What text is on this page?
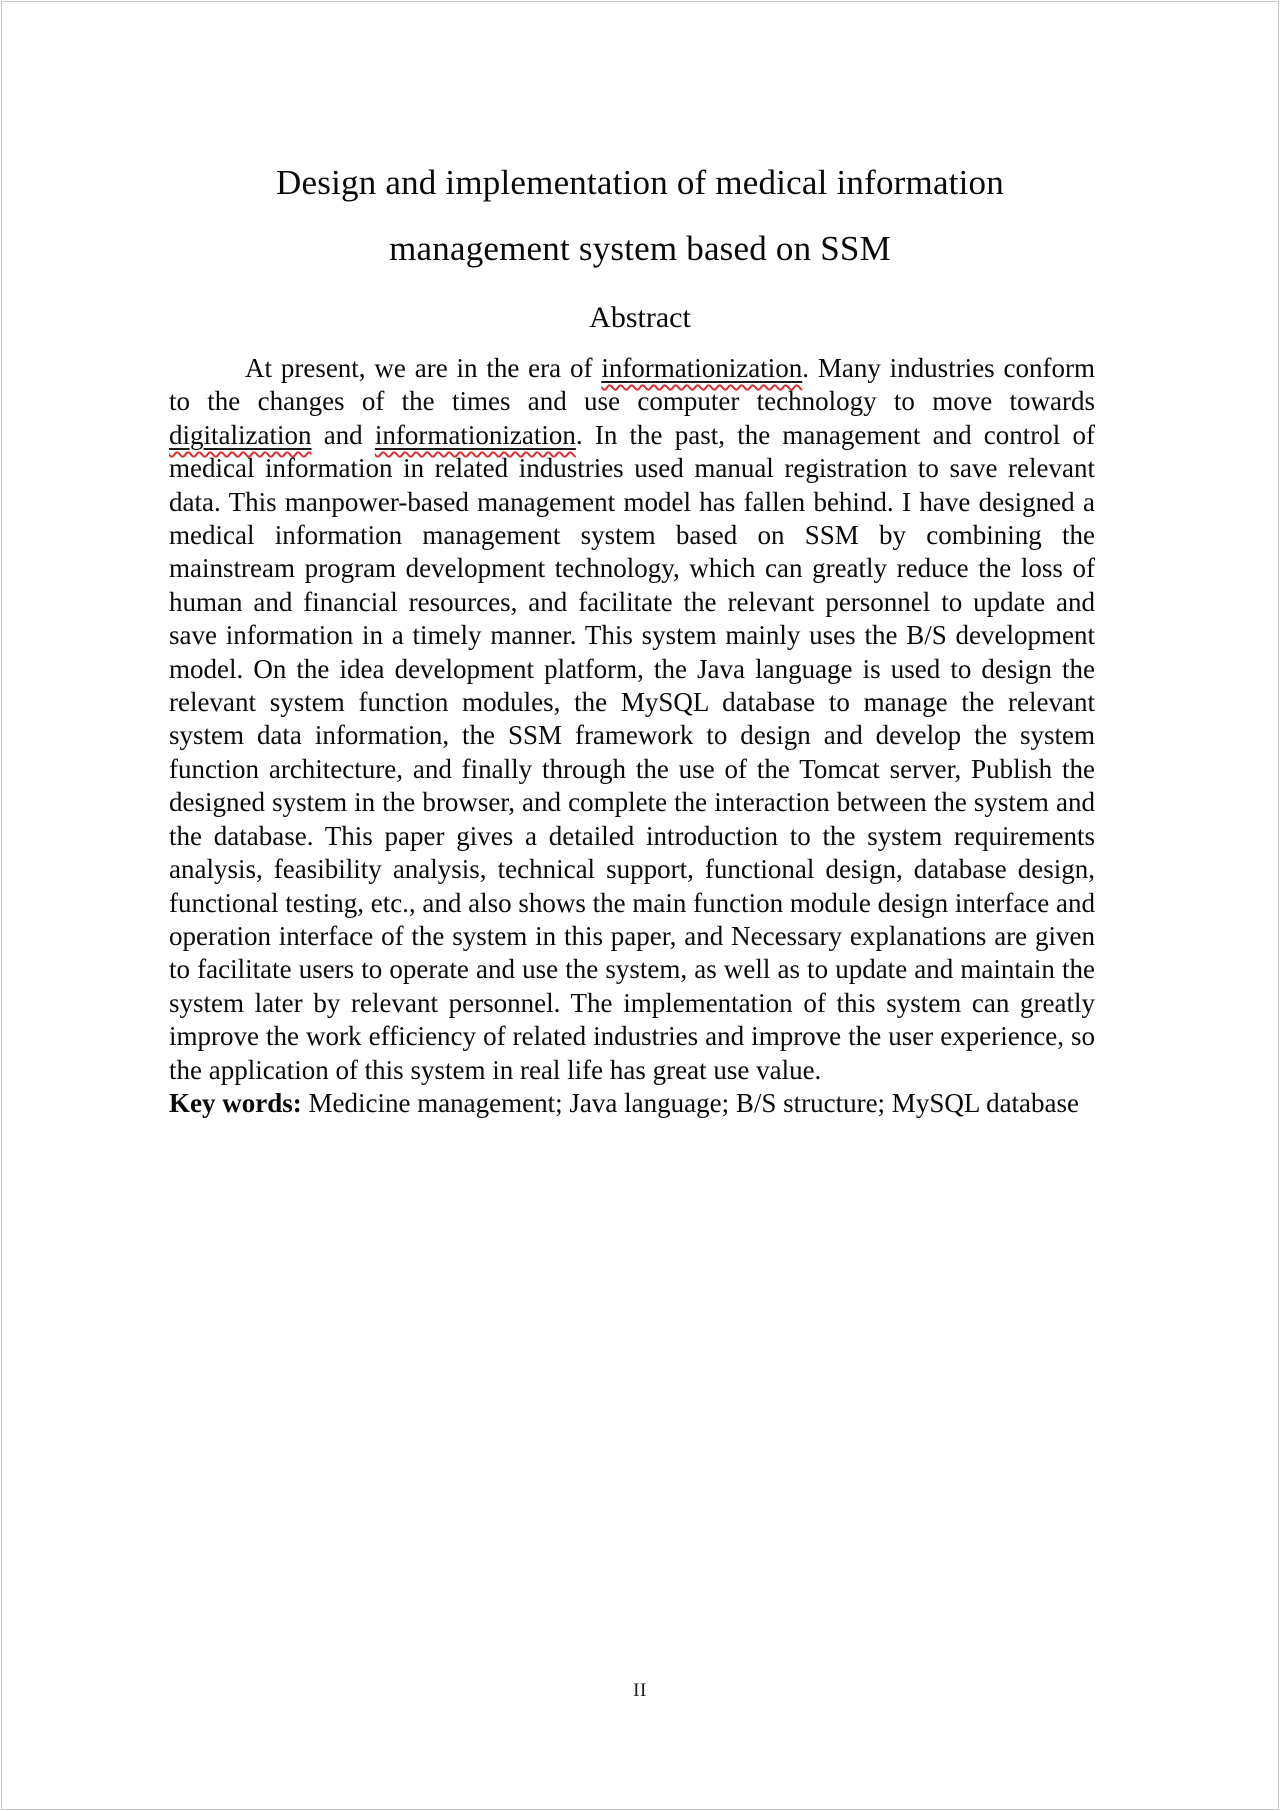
Design and implementation of medical information
management system based on SSM
Abstract

At present, we are in the era of informationization. Many industries conform to the changes of the times and use computer technology to move towards digitalization and informationization. In the past, the management and control of medical information in related industries used manual registration to save relevant data. This manpower-based management model has fallen behind. I have designed a medical information management system based on SSM by combining the mainstream program development technology, which can greatly reduce the loss of human and financial resources, and facilitate the relevant personnel to update and save information in a timely manner. This system mainly uses the B/S development model. On the idea development platform, the Java language is used to design the relevant system function modules, the MySQL database to manage the relevant system data information, the SSM framework to design and develop the system function architecture, and finally through the use of the Tomcat server, Publish the designed system in the browser, and complete the interaction between the system and the database. This paper gives a detailed introduction to the system requirements analysis, feasibility analysis, technical support, functional design, database design, functional testing, etc., and also shows the main function module design interface and operation interface of the system in this paper, and Necessary explanations are given to facilitate users to operate and use the system, as well as to update and maintain the system later by relevant personnel. The implementation of this system can greatly improve the work efficiency of related industries and improve the user experience, so the application of this system in real life has great use value.

Key words: Medicine management; Java language; B/S structure; MySQL database

II
